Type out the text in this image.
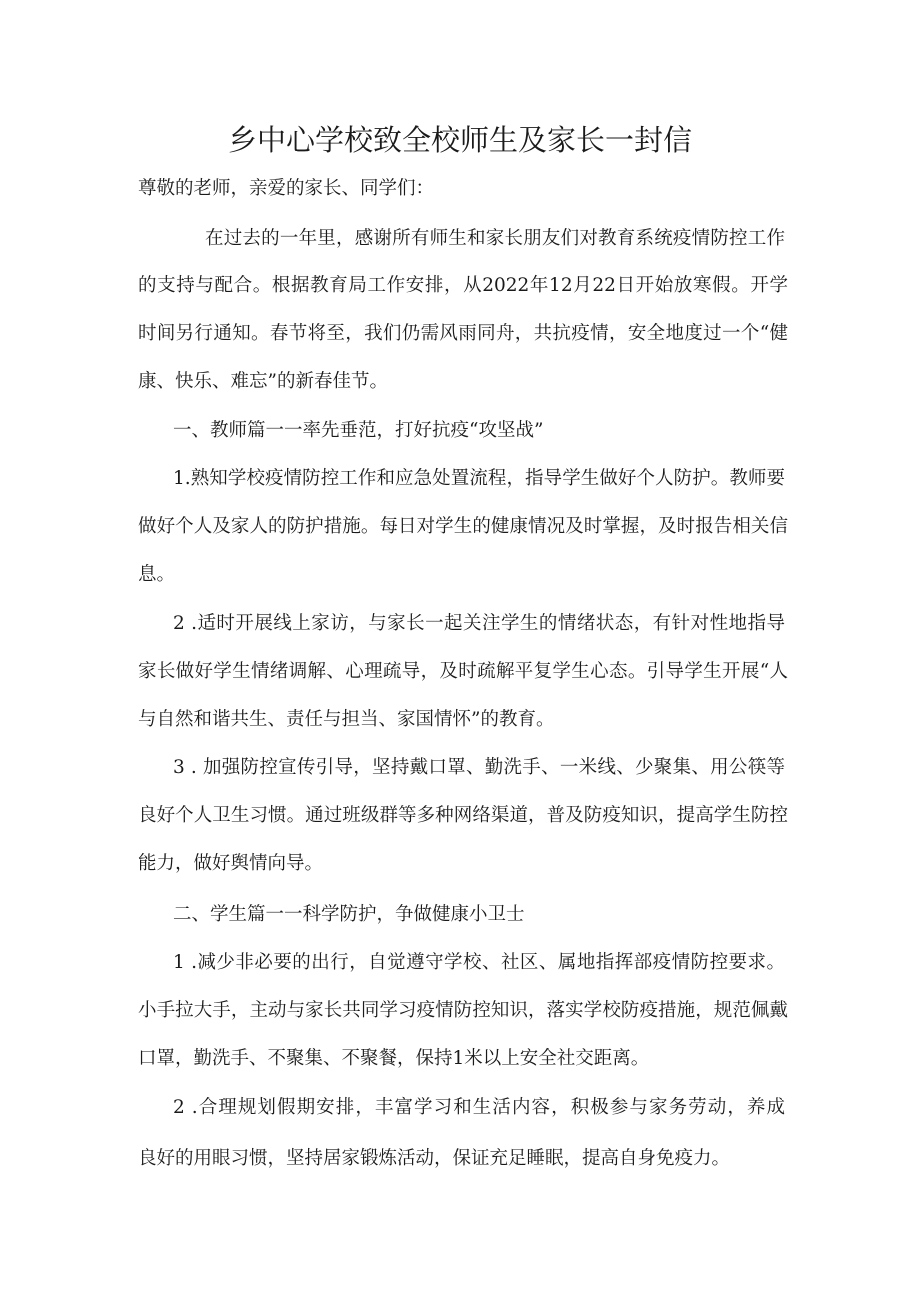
乡中心学校致全校师生及家长一封信
尊敬的老师，亲爱的家长、同学们：
在过去的一年里，感谢所有师生和家长朋友们对教育系统疫情防控工作
的支持与配合。根据教育局工作安排，从2022年12月22日开始放寒假。开学
时间另行通知。春节将至，我们仍需风雨同舟，共抗疫情，安全地度过一个“健
康、快乐、难忘”的新春佳节。
一、教师篇一一率先垂范，打好抗疫“攻坚战”
1.熟知学校疫情防控工作和应急处置流程，指导学生做好个人防护。教师要
做好个人及家人的防护措施。每日对学生的健康情况及时掌握，及时报告相关信
息。
2 .适时开展线上家访，与家长一起关注学生的情绪状态，有针对性地指导
家长做好学生情绪调解、心理疏导，及时疏解平复学生心态。引导学生开展“人
与自然和谐共生、责任与担当、家国情怀”的教育。
3 . 加强防控宣传引导，坚持戴口罩、勤洗手、一米线、少聚集、用公筷等
良好个人卫生习惯。通过班级群等多种网络渠道，普及防疫知识，提高学生防控
能力，做好舆情向导。
二、学生篇一一科学防护，争做健康小卫士
1 .减少非必要的出行，自觉遵守学校、社区、属地指挥部疫情防控要求。
小手拉大手，主动与家长共同学习疫情防控知识，落实学校防疫措施，规范佩戴
口罩，勤洗手、不聚集、不聚餐，保持1米以上安全社交距离。
2 .合理规划假期安排，丰富学习和生活内容，积极参与家务劳动，养成
良好的用眼习惯，坚持居家锻炼活动，保证充足睡眠，提高自身免疫力。
